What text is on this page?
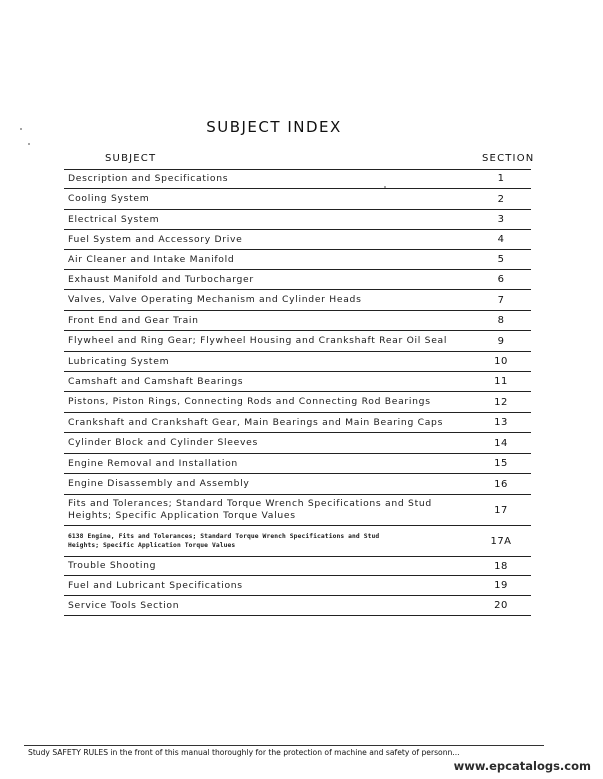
SUBJECT INDEX
SUBJECT	SECTION
Description and Specifications	1
Cooling System	2
Electrical System	3
Fuel System and Accessory Drive	4
Air Cleaner and Intake Manifold	5
Exhaust Manifold and Turbocharger	6
Valves, Valve Operating Mechanism and Cylinder Heads	7
Front End and Gear Train	8
Flywheel and Ring Gear; Flywheel Housing and Crankshaft Rear Oil Seal	9
Lubricating System	10
Camshaft and Camshaft Bearings	11
Pistons, Piston Rings, Connecting Rods and Connecting Rod Bearings	12
Crankshaft and Crankshaft Gear, Main Bearings and Main Bearing Caps	13
Cylinder Block and Cylinder Sleeves	14
Engine Removal and Installation	15
Engine Disassembly and Assembly	16
Fits and Tolerances; Standard Torque Wrench Specifications and Stud
Heights; Specific Application Torque Values	17
6138 Engine, Fits and Tolerances; Standard Torque Wrench Specifications and Stud
Heights; Specific Application Torque Values	17A
Trouble Shooting	18
Fuel and Lubricant Specifications	19
Service Tools Section	20
Study SAFETY RULES in the front of this manual thoroughly for the protection of machine and safety of personn...
www.epcatalogs.com
